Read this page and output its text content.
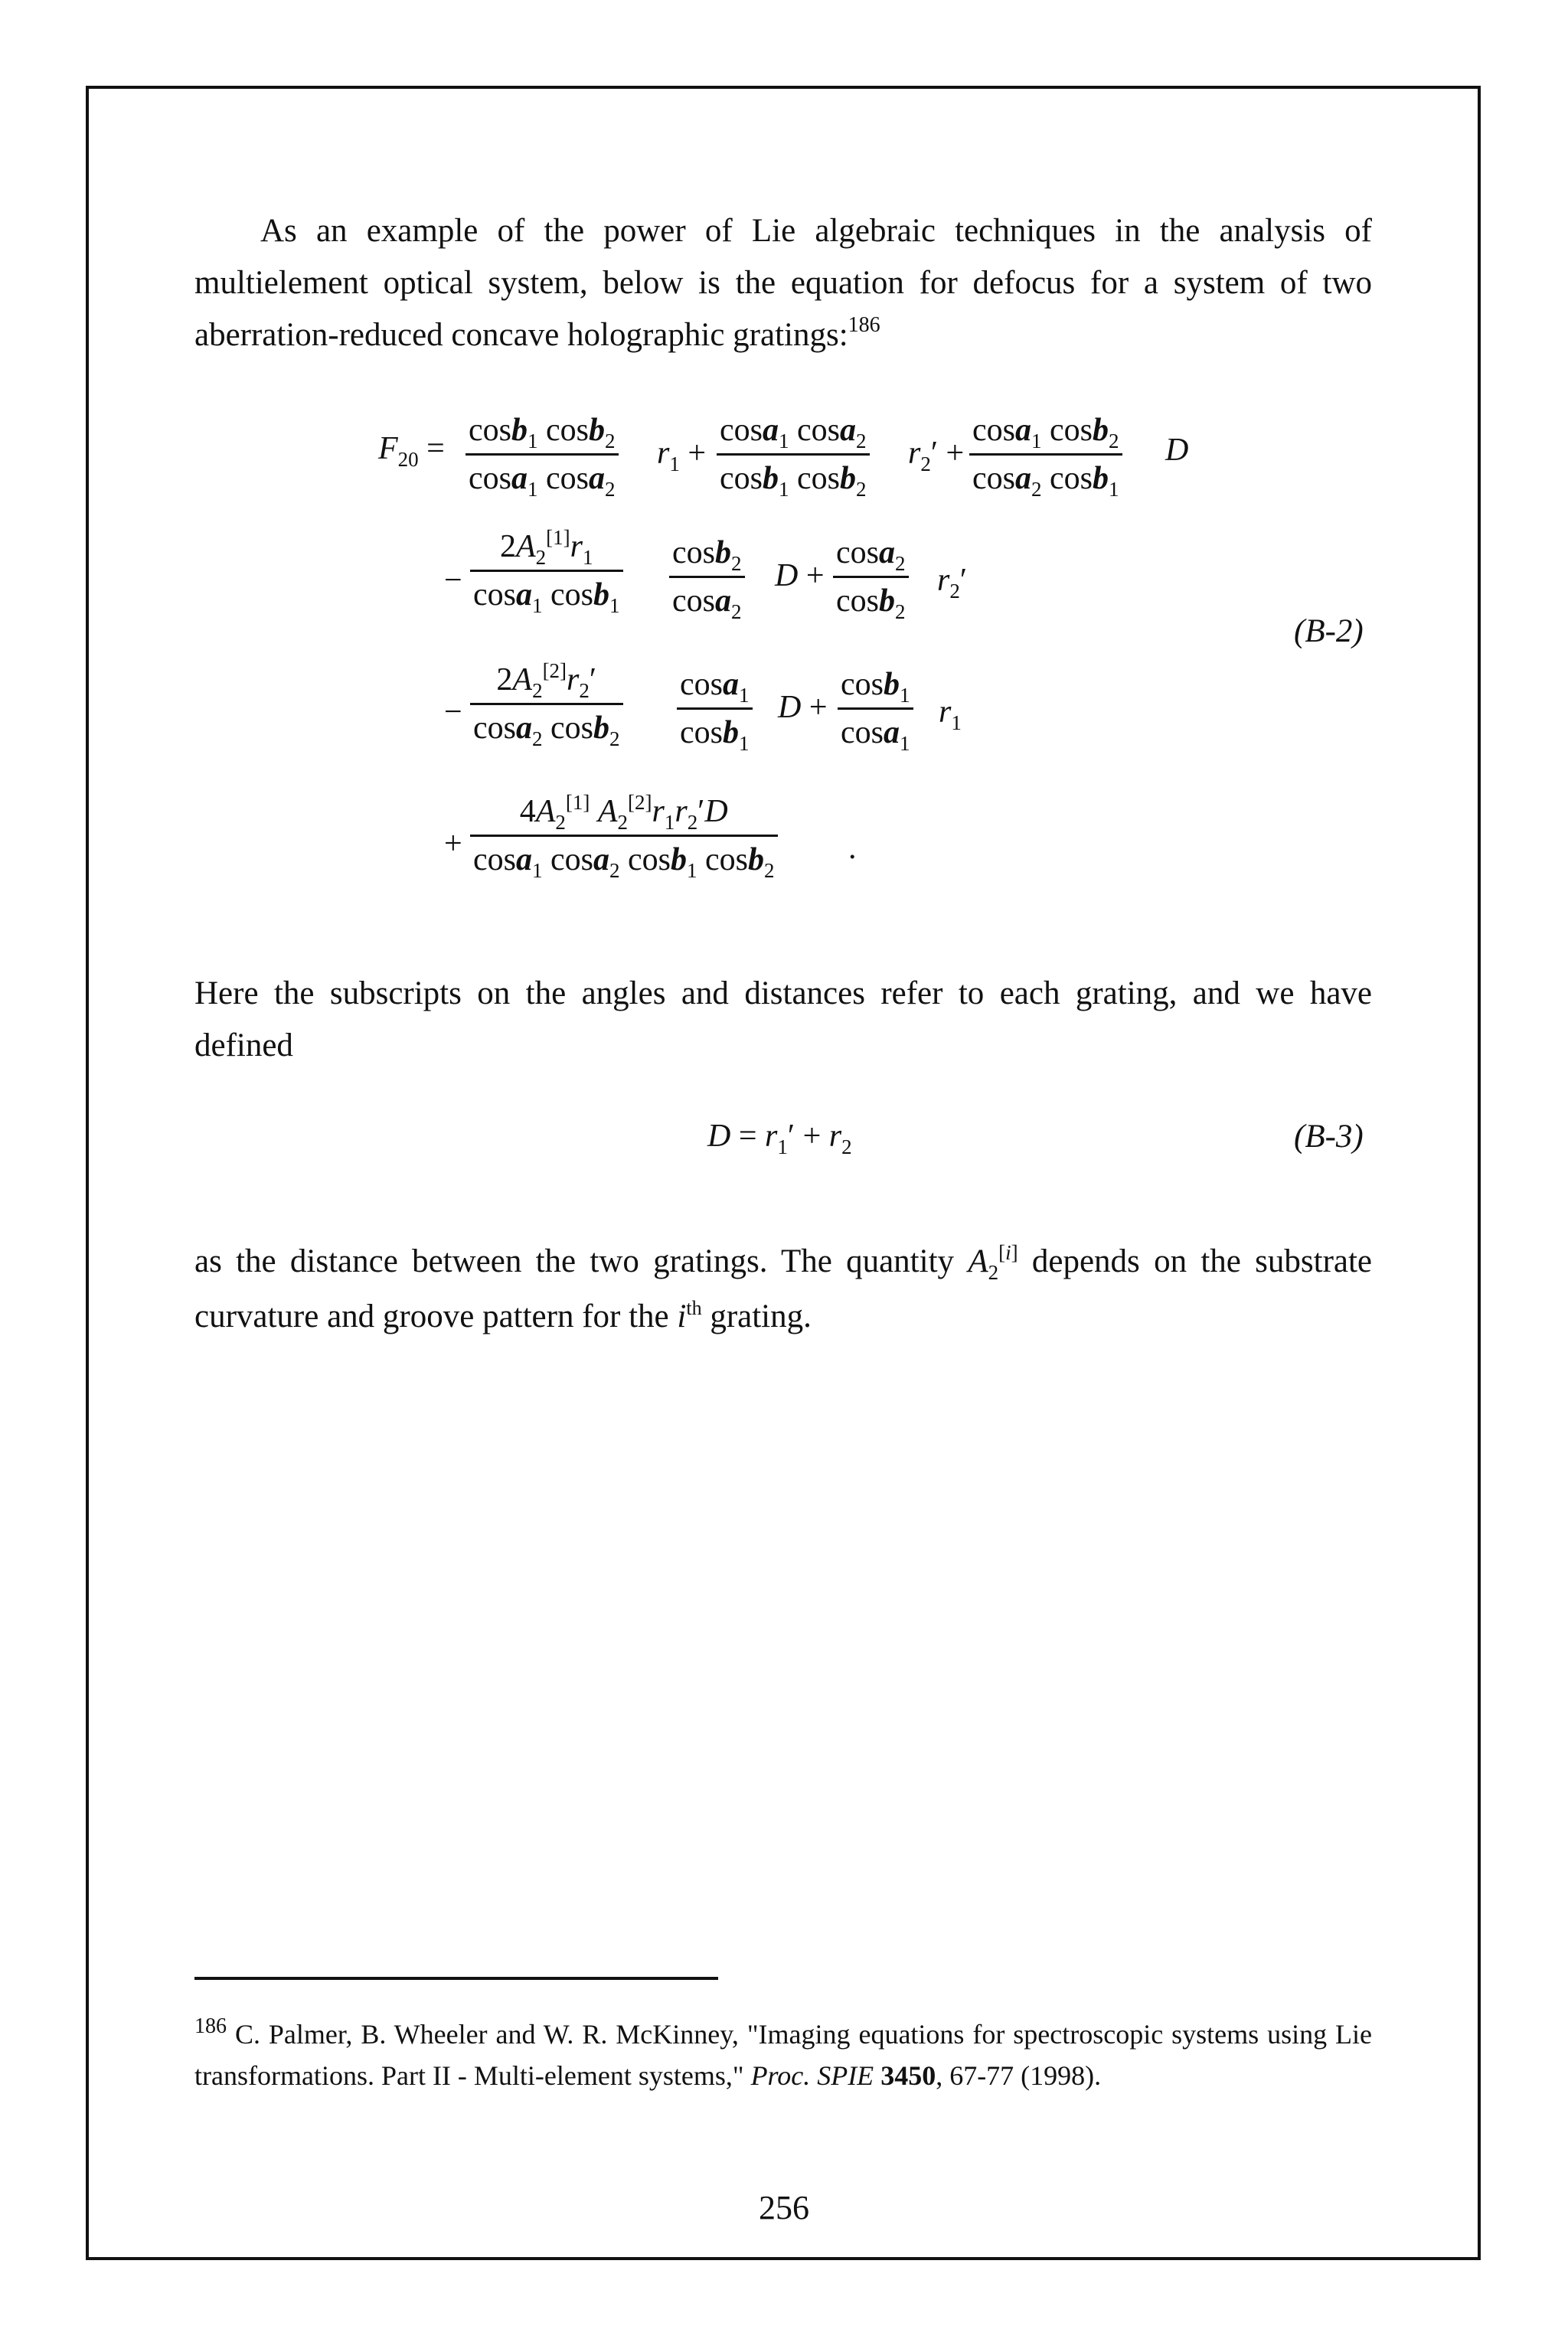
As an example of the power of Lie algebraic techniques in the analysis of multielement optical system, below is the equation for defocus for a system of two aberration-reduced concave holographic gratings:$^{186}$

$F_{20} = \frac{\cos b_1 \cos b_2}{\cos a_1 \cos a_2} r_1 + \frac{\cos a_1 \cos a_2}{\cos b_1 \cos b_2} r_2' + \frac{\cos a_1 \cos b_2}{\cos a_2 \cos b_1}$ D
− $\frac{2A_2^{[1]}r_1}{\cos a_1 \cos b_1} \frac{\cos b_2}{\cos a_2}$ $D + \frac{\cos a_2}{\cos b_2} r_2'$
− $\frac{2A_2^{[2]}r_2'}{\cos a_2 \cos b_2} \frac{\cos a_1}{\cos b_1}$ $D + \frac{\cos b_1}{\cos a_1} r_1$
+ $\frac{4A_2^{[1]} A_2^{[2]}r_1r_2'D}{\cos a_1 \cos a_2 \cos b_1 \cos b_2}$ .
(B-2)

Here the subscripts on the angles and distances refer to each grating, and we have defined

$D = r_1' + r_2$	(B-3)

as the distance between the two gratings. The quantity $A_2[i]$ depends on the substrate curvature and groove pattern for the $i^{th}$ grating.

$^{186}$ C. Palmer, B. Wheeler and W. R. McKinney, "Imaging equations for spectroscopic systems using Lie transformations. Part II - Multi-element systems," Proc. SPIE 3450, 67-77 (1998).

256
